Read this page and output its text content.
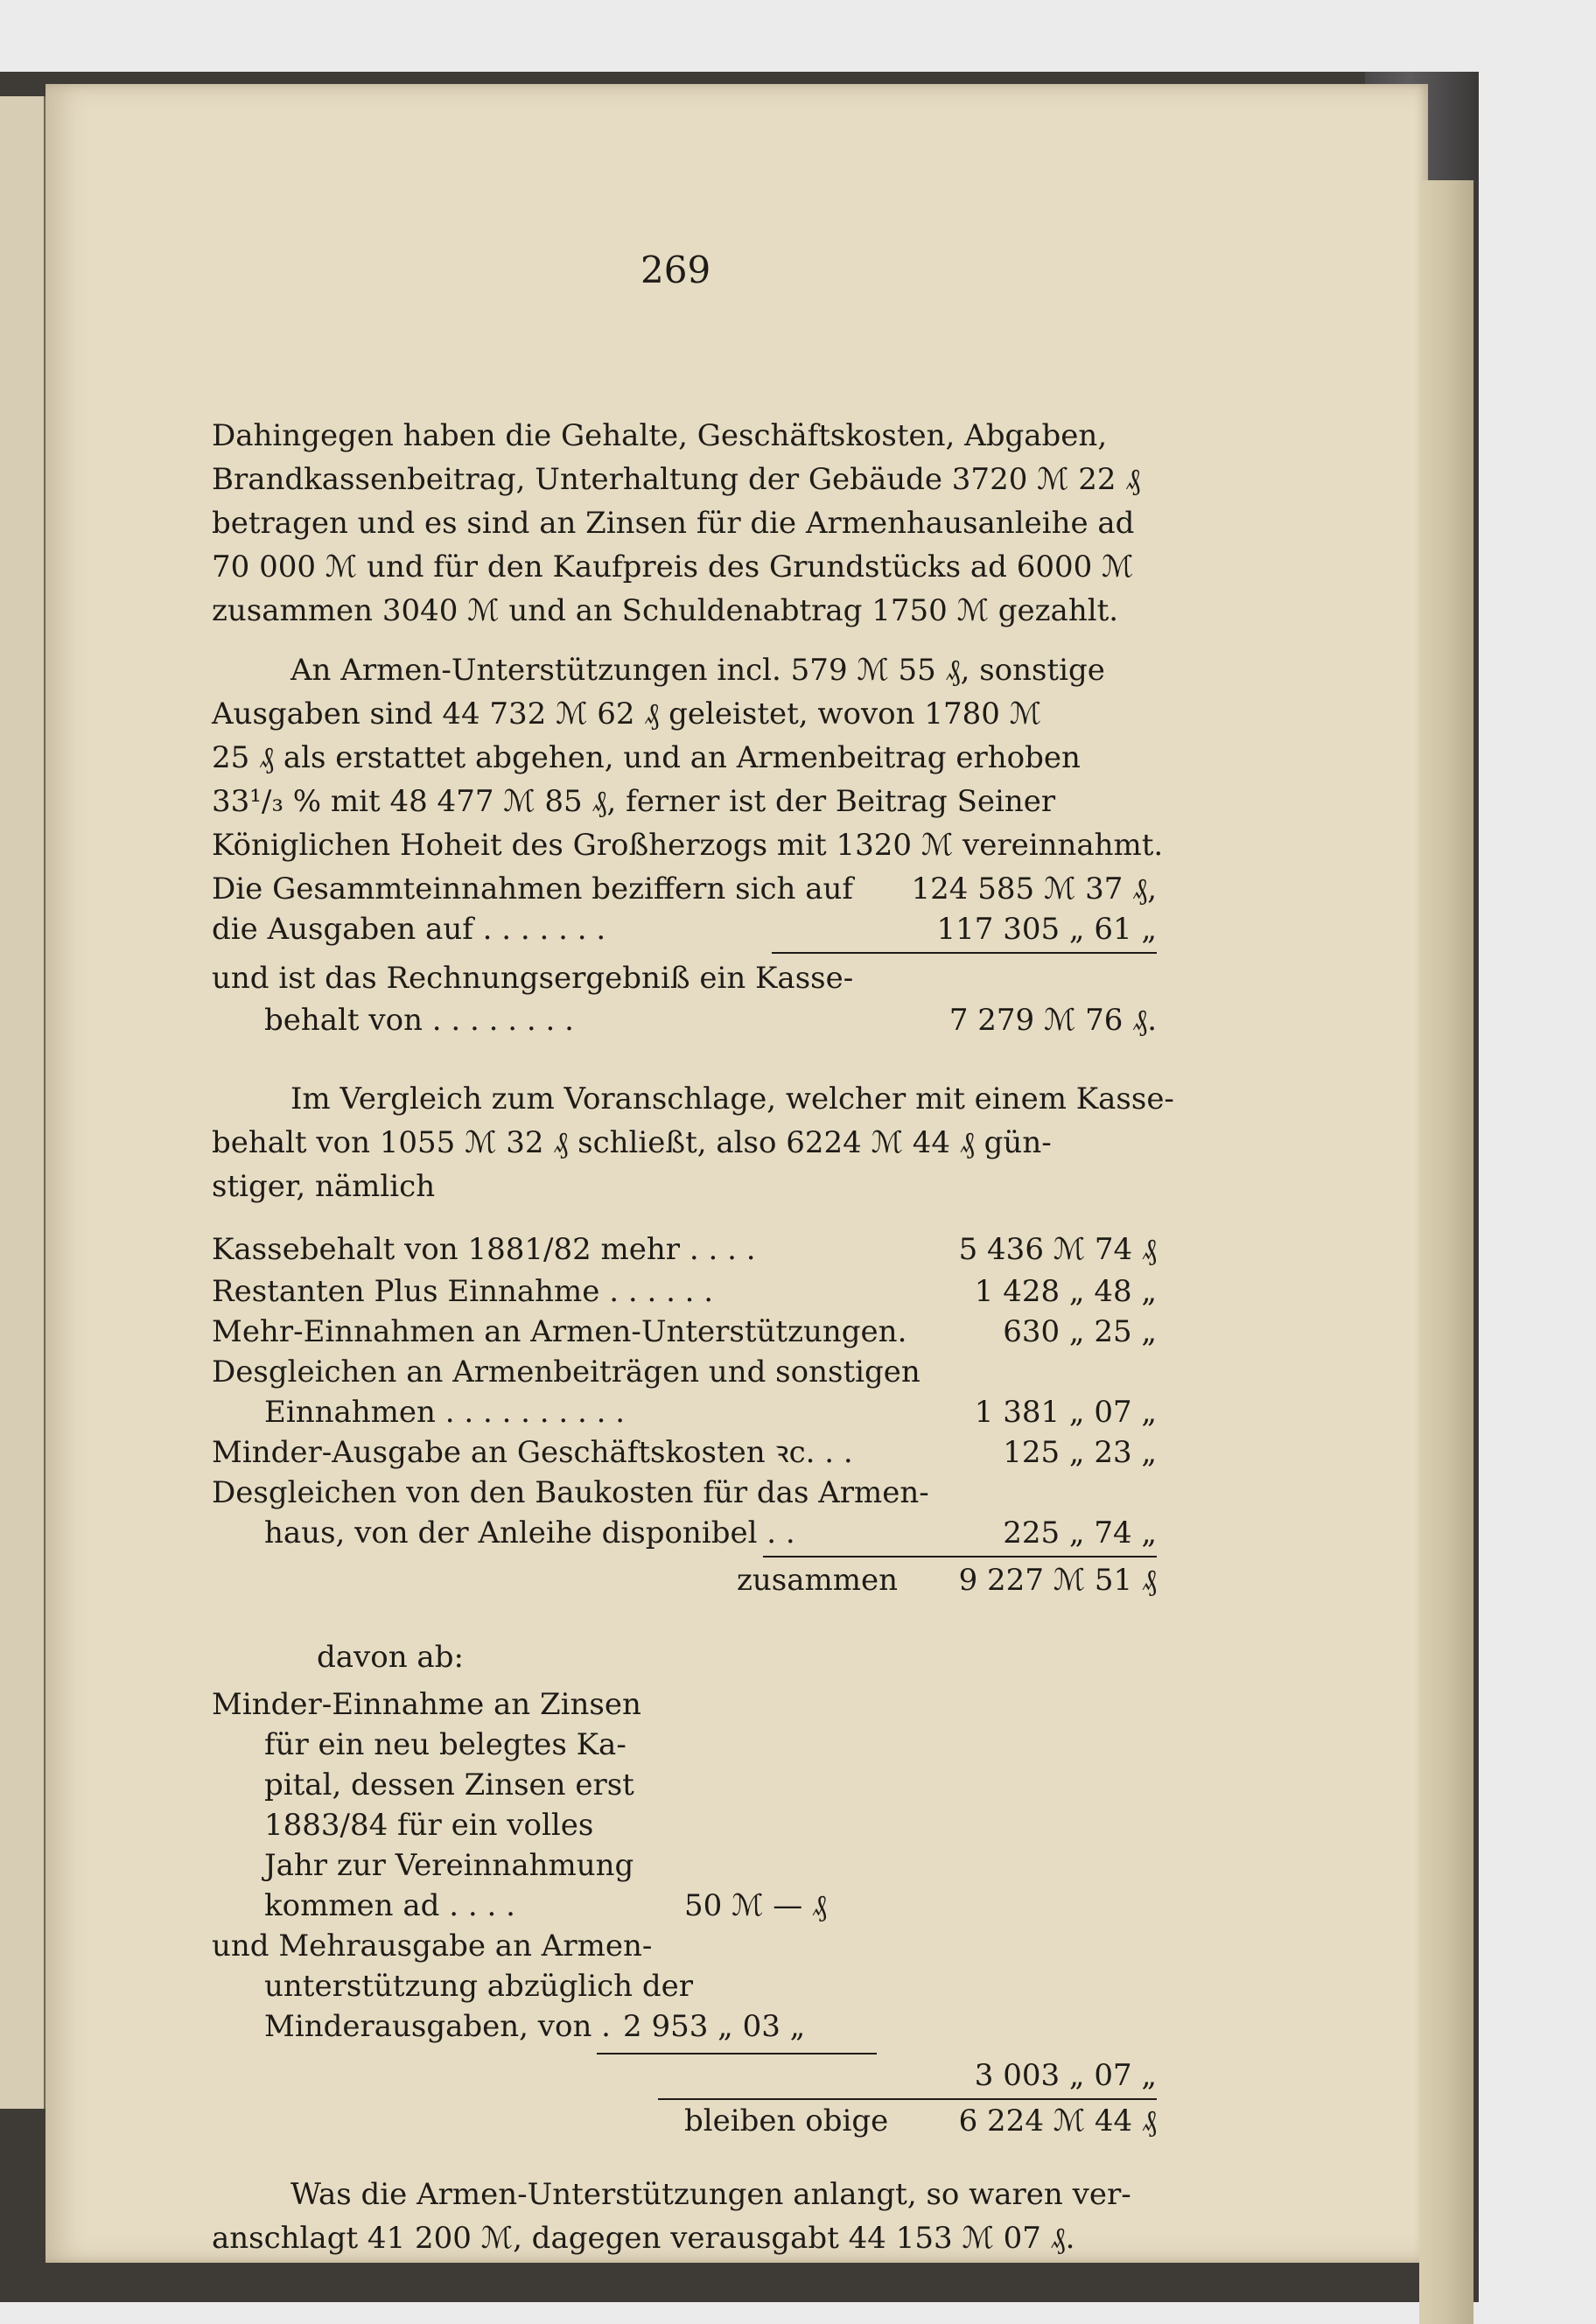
269
Dahingegen haben die Gehalte, Geschäftskosten, Abgaben,
Brandkassenbeitrag, Unterhaltung der Gebäude 3720 ℳ 22 ₰
betragen und es sind an Zinsen für die Armenhausanleihe ad
70 000 ℳ und für den Kaufpreis des Grundstücks ad 6000 ℳ
zusammen 3040 ℳ und an Schuldenabtrag 1750 ℳ gezahlt.
An Armen-Unterstützungen incl. 579 ℳ 55 ₰, sonstige
Ausgaben sind 44 732 ℳ 62 ₰ geleistet, wovon 1780 ℳ
25 ₰ als erstattet abgehen, und an Armenbeitrag erhoben
33¹/₃ % mit 48 477 ℳ 85 ₰, ferner ist der Beitrag Seiner
Königlichen Hoheit des Großherzogs mit 1320 ℳ vereinnahmt.
Die Gesammteinnahmen beziffern sich auf 124 585 ℳ 37 ₰,
die Ausgaben auf . . . . . . .	117 305 „ 61 „
und ist das Rechnungsergebniß ein Kasse-
behalt von . . . . . . . .	7 279 ℳ 76 ₰.
Im Vergleich zum Voranschlage, welcher mit einem Kasse-
behalt von 1055 ℳ 32 ₰ schließt, also 6224 ℳ 44 ₰ gün-
stiger, nämlich
Kassebehalt von 1881/82 mehr . . . .	5 436 ℳ 74 ₰
Restanten Plus Einnahme . . . . . .	1 428 „ 48 „
Mehr-Einnahmen an Armen-Unterstützungen.	630 „ 25 „
Desgleichen an Armenbeiträgen und sonstigen
Einnahmen . . . . . . . . . .	1 381 „ 07 „
Minder-Ausgabe an Geschäftskosten ꝛc. . .	125 „ 23 „
Desgleichen von den Baukosten für das Armen-
haus, von der Anleihe disponibel . .	225 „ 74 „
zusammen 9 227 ℳ 51 ₰
davon ab:
Minder-Einnahme an Zinsen
für ein neu belegtes Ka-
pital, dessen Zinsen erst
1883/84 für ein volles
Jahr zur Vereinnahmung
kommen ad . . . .	50 ℳ — ₰
und Mehrausgabe an Armen-
unterstützung abzüglich der
Minderausgaben, von . 2 953 „ 03 „
3 003 „ 07 „
bleiben obige 6 224 ℳ 44 ₰
Was die Armen-Unterstützungen anlangt, so waren ver-
anschlagt 41 200 ℳ, dagegen verausgabt 44 153 ℳ 07 ₰.
